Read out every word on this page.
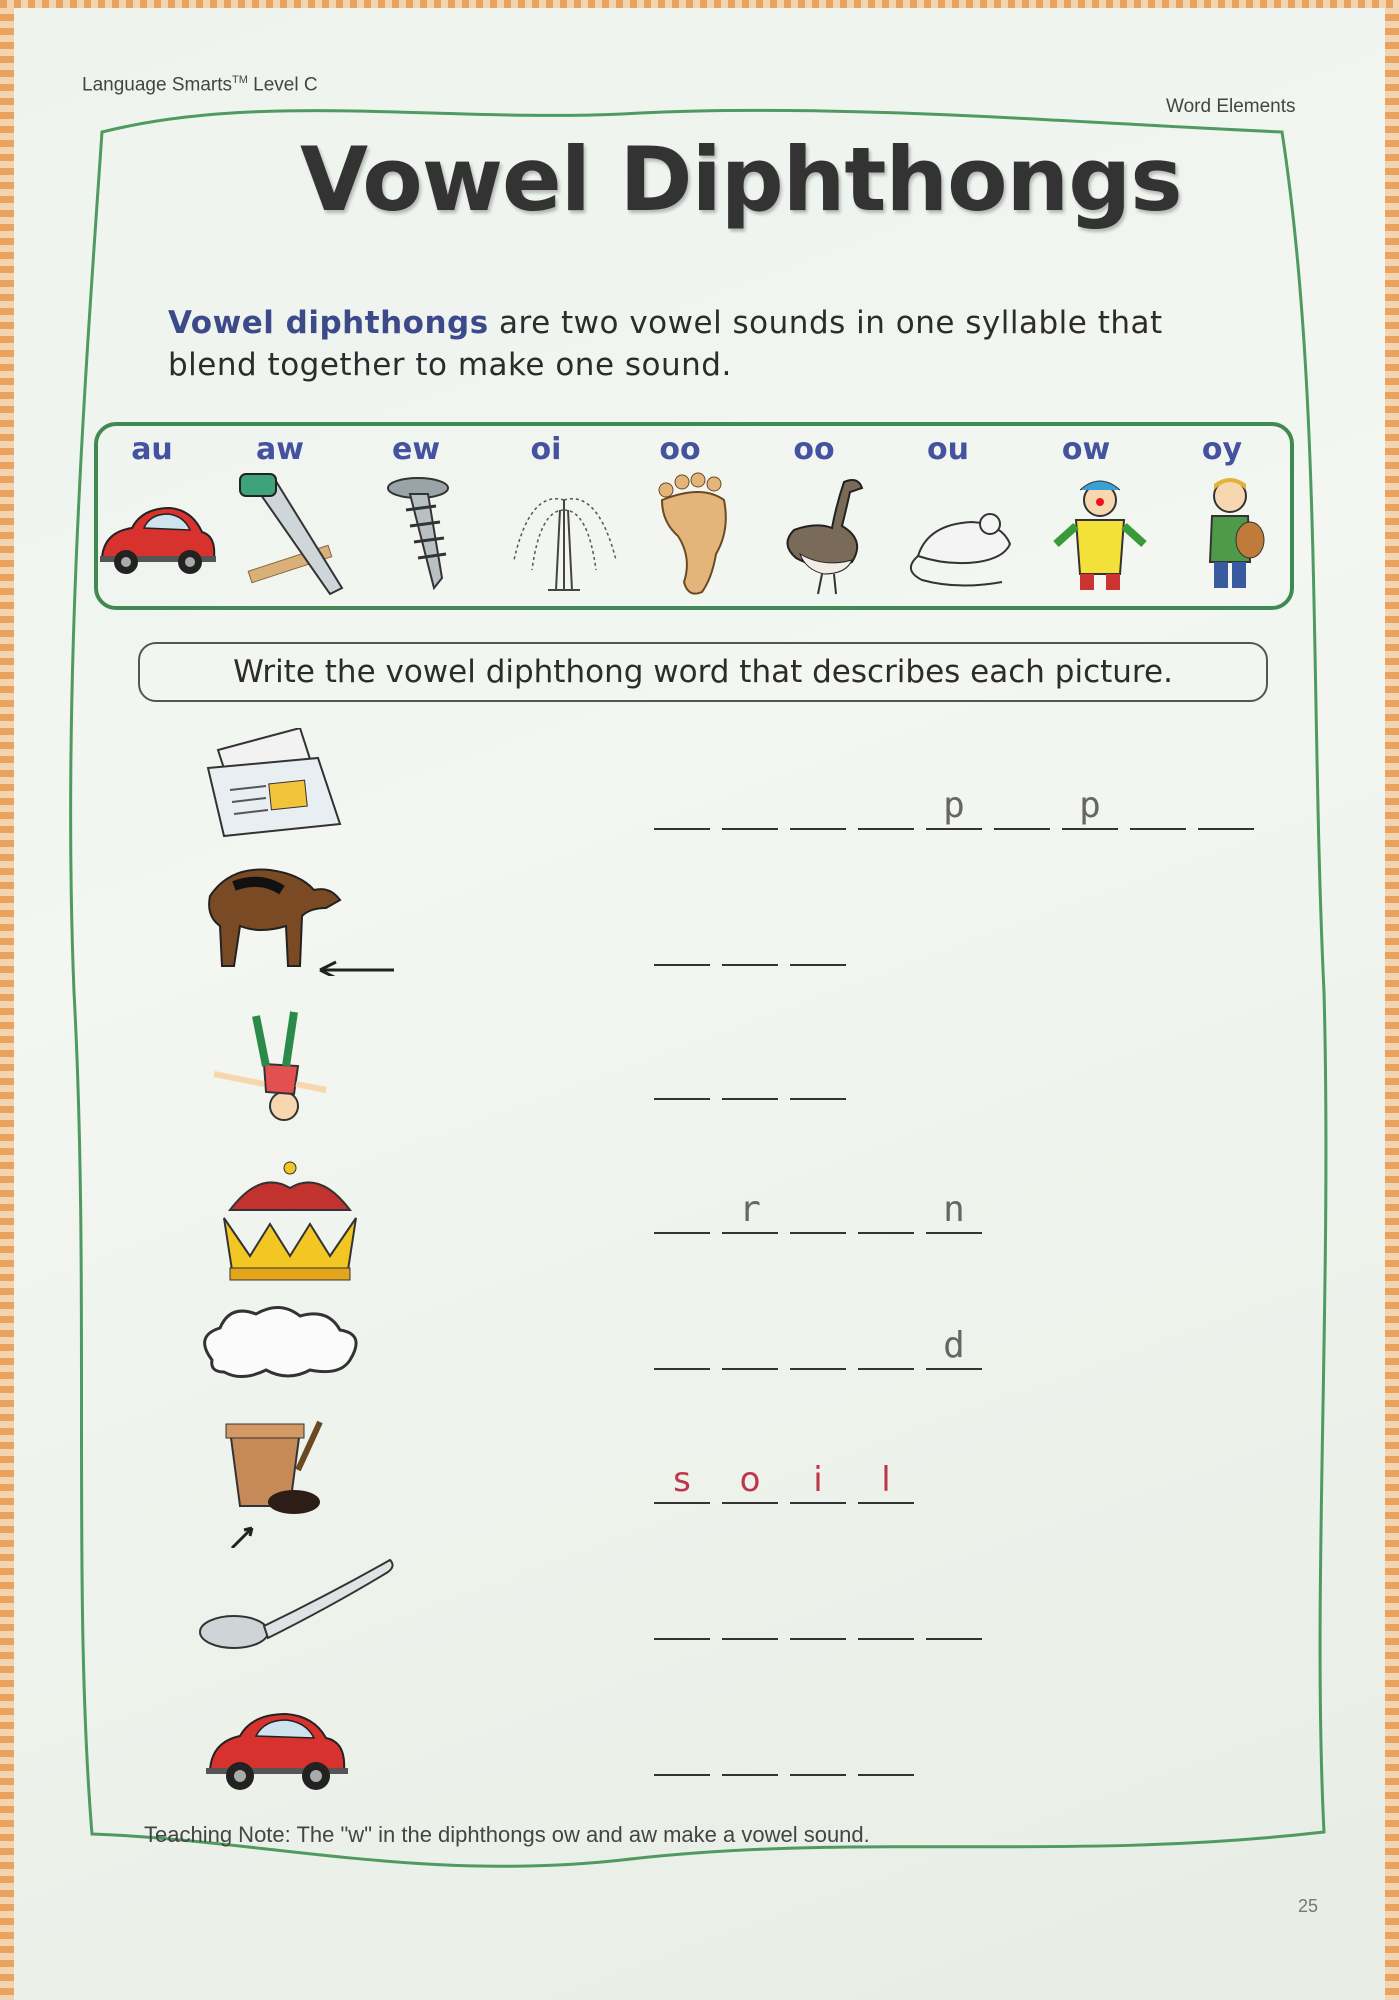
Language Smarts™ Level C
Word Elements
Vowel Diphthongs
Vowel diphthongs are two vowel sounds in one syllable that blend together to make one sound.
au	aw	ew	oi	oo	oo	ou	ow	oy
Write the vowel diphthong word that describes each picture.
p	p
r	n
d
s	o	i	l
Teaching Note: The "w" in the diphthongs ow and aw make a vowel sound.
25
